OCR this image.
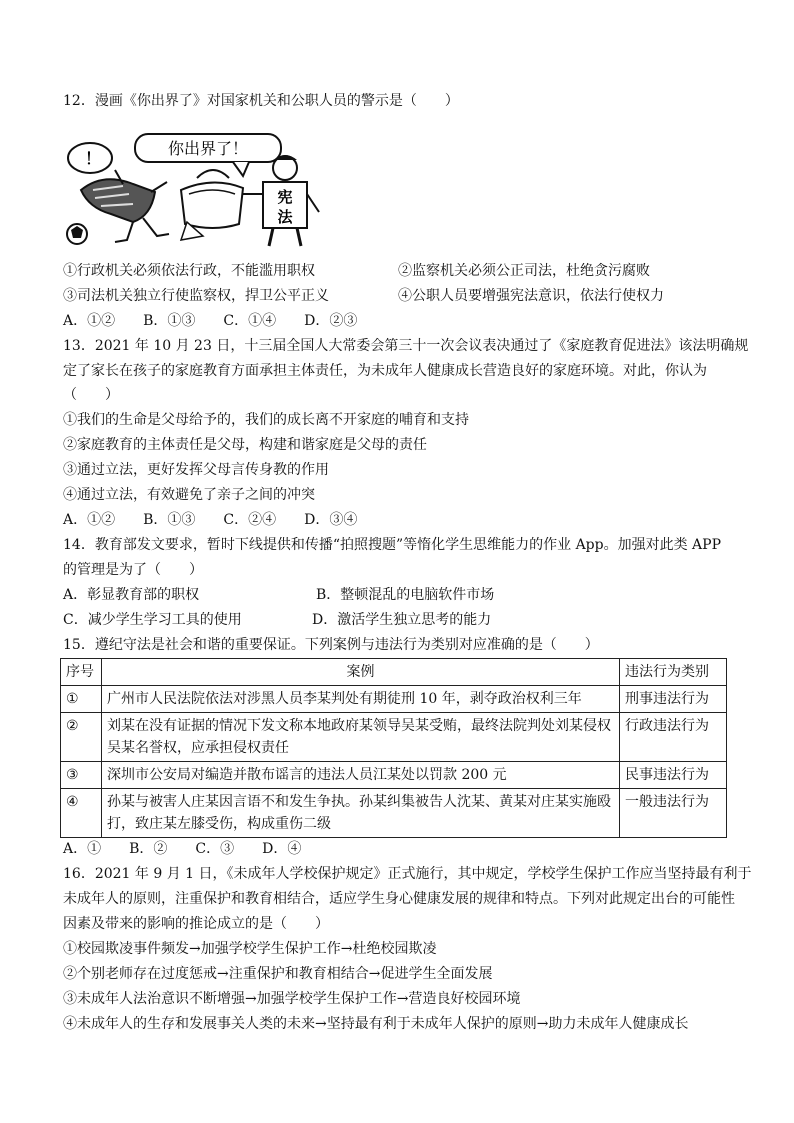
12．漫画《你出界了》对国家机关和公职人员的警示是（　　）
你出界了！
！
宪
法
①行政机关必须依法行政，不能滥用职权	②监察机关必须公正司法，杜绝贪污腐败
③司法机关独立行使监察权，捍卫公平正义	④公职人员要增强宪法意识，依法行使权力
A．①②　　B．①③　　C．①④　　D．②③
13．2021 年 10 月 23 日，十三届全国人大常委会第三十一次会议表决通过了《家庭教育促进法》该法明确规
定了家长在孩子的家庭教育方面承担主体责任，为未成年人健康成长营造良好的家庭环境。对此，你认为
（　　）
①我们的生命是父母给予的，我们的成长离不开家庭的哺育和支持
②家庭教育的主体责任是父母，构建和谐家庭是父母的责任
③通过立法，更好发挥父母言传身教的作用
④通过立法，有效避免了亲子之间的冲突
A．①②　　B．①③　　C．②④　　D．③④
14．教育部发文要求，暂时下线提供和传播“拍照搜题”等惰化学生思维能力的作业 App。加强对此类 APP
的管理是为了（　　）
A．彰显教育部的职权	B．整顿混乱的电脑软件市场
C．减少学生学习工具的使用	D．激活学生独立思考的能力
15．遵纪守法是社会和谐的重要保证。下列案例与违法行为类别对应准确的是（　　）
序号	案例	违法行为类别
①	广州市人民法院依法对涉黑人员李某判处有期徒刑 10 年，剥夺政治权利三年	刑事违法行为
②	刘某在没有证据的情况下发文称本地政府某领导吴某受贿，最终法院判处刘某侵权吴某名誉权，应承担侵权责任	行政违法行为
③	深圳市公安局对编造并散布谣言的违法人员江某处以罚款 200 元	民事违法行为
④	孙某与被害人庄某因言语不和发生争执。孙某纠集被告人沈某、黄某对庄某实施殴打，致庄某左膝受伤，构成重伤二级	一般违法行为
A．①　　B．②　　C．③　　D．④
16．2021 年 9 月 1 日，《未成年人学校保护规定》正式施行，其中规定，学校学生保护工作应当坚持最有利于
未成年人的原则，注重保护和教育相结合，适应学生身心健康发展的规律和特点。下列对此规定出台的可能性
因素及带来的影响的推论成立的是（　　）
①校园欺凌事件频发→加强学校学生保护工作→杜绝校园欺凌
②个别老师存在过度惩戒→注重保护和教育相结合→促进学生全面发展
③未成年人法治意识不断增强→加强学校学生保护工作→营造良好校园环境
④未成年人的生存和发展事关人类的未来→坚持最有利于未成年人保护的原则→助力未成年人健康成长
